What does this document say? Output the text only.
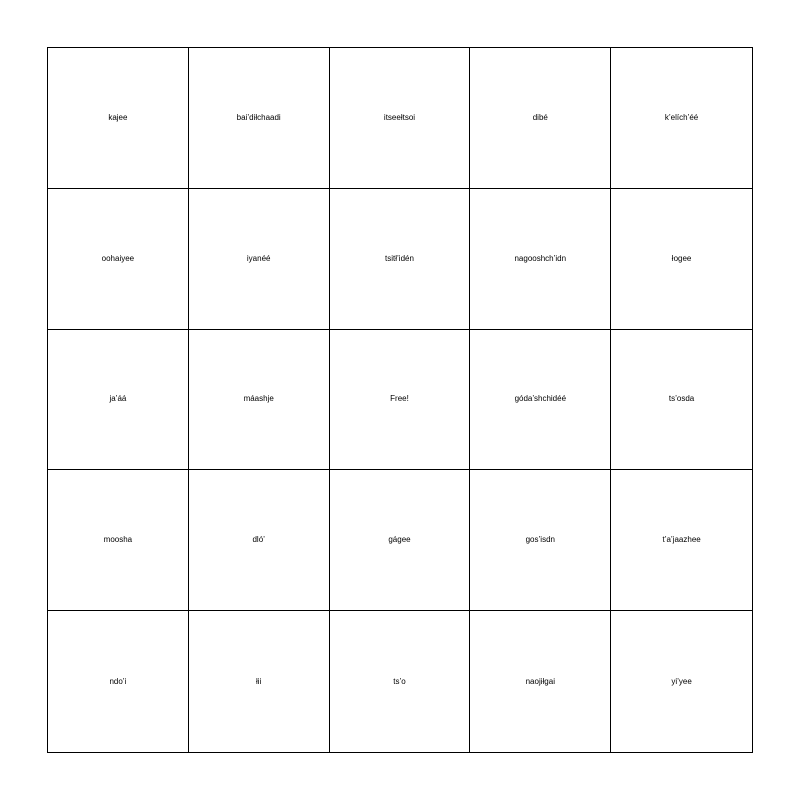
kajee	bai’diłchaadi	itseełtsoi	dibé	k’elích’éé
oohaiyee	iyanéé	tsitł’idén	nagooshch’idn	łogee
ja’áá	máashje	Free!	góda’shchidéé	ts’osda
moosha	dló’	gágee	gos’isdn	t’a’jaazhee
ndo’i	łii	ts’o	naojiłgai	yi’yee
